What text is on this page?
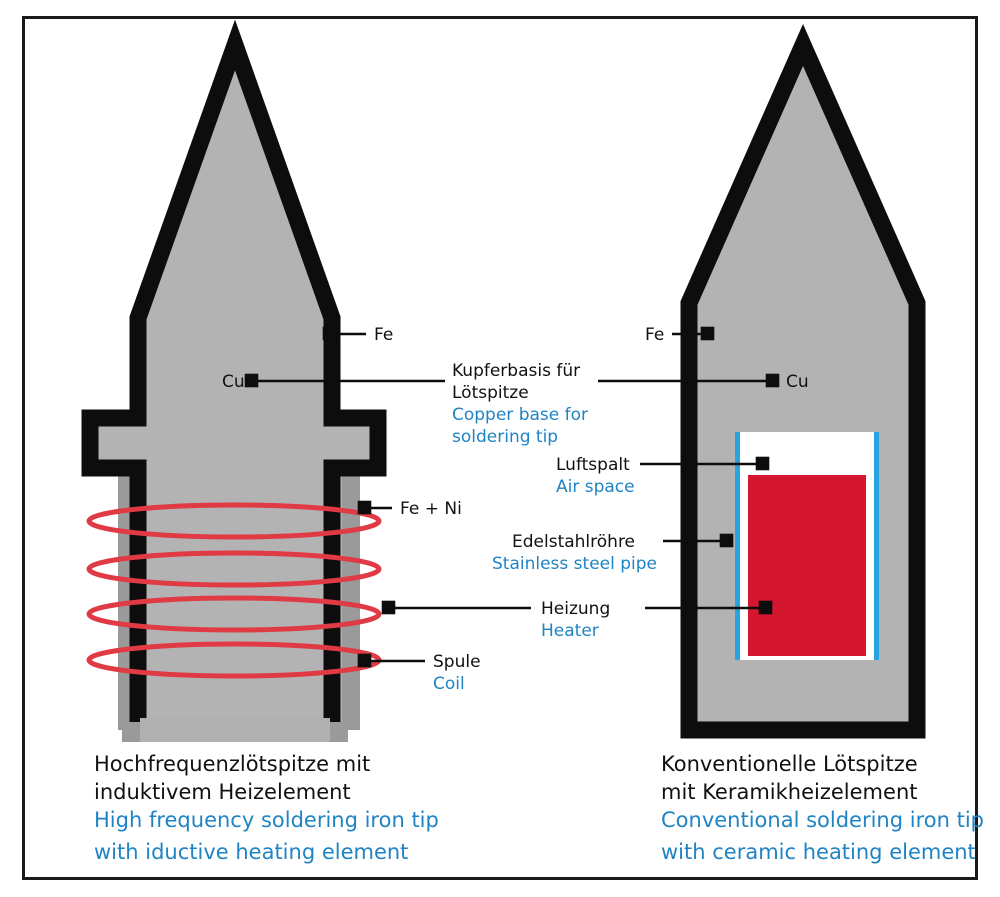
Fe	Fe
Cu	Cu
Kupferbasis für
Lötspitze
Copper base for
soldering tip
Fe + Ni
Spule
Coil
Heizung
Heater
Luftspalt
Air space
Edelstahlröhre
Stainless steel pipe
Hochfrequenzlötspitze mit
induktivem Heizelement
High frequency soldering iron tip
with iductive heating element
Konventionelle Lötspitze
mit Keramikheizelement
Conventional soldering iron tip
with ceramic heating element
